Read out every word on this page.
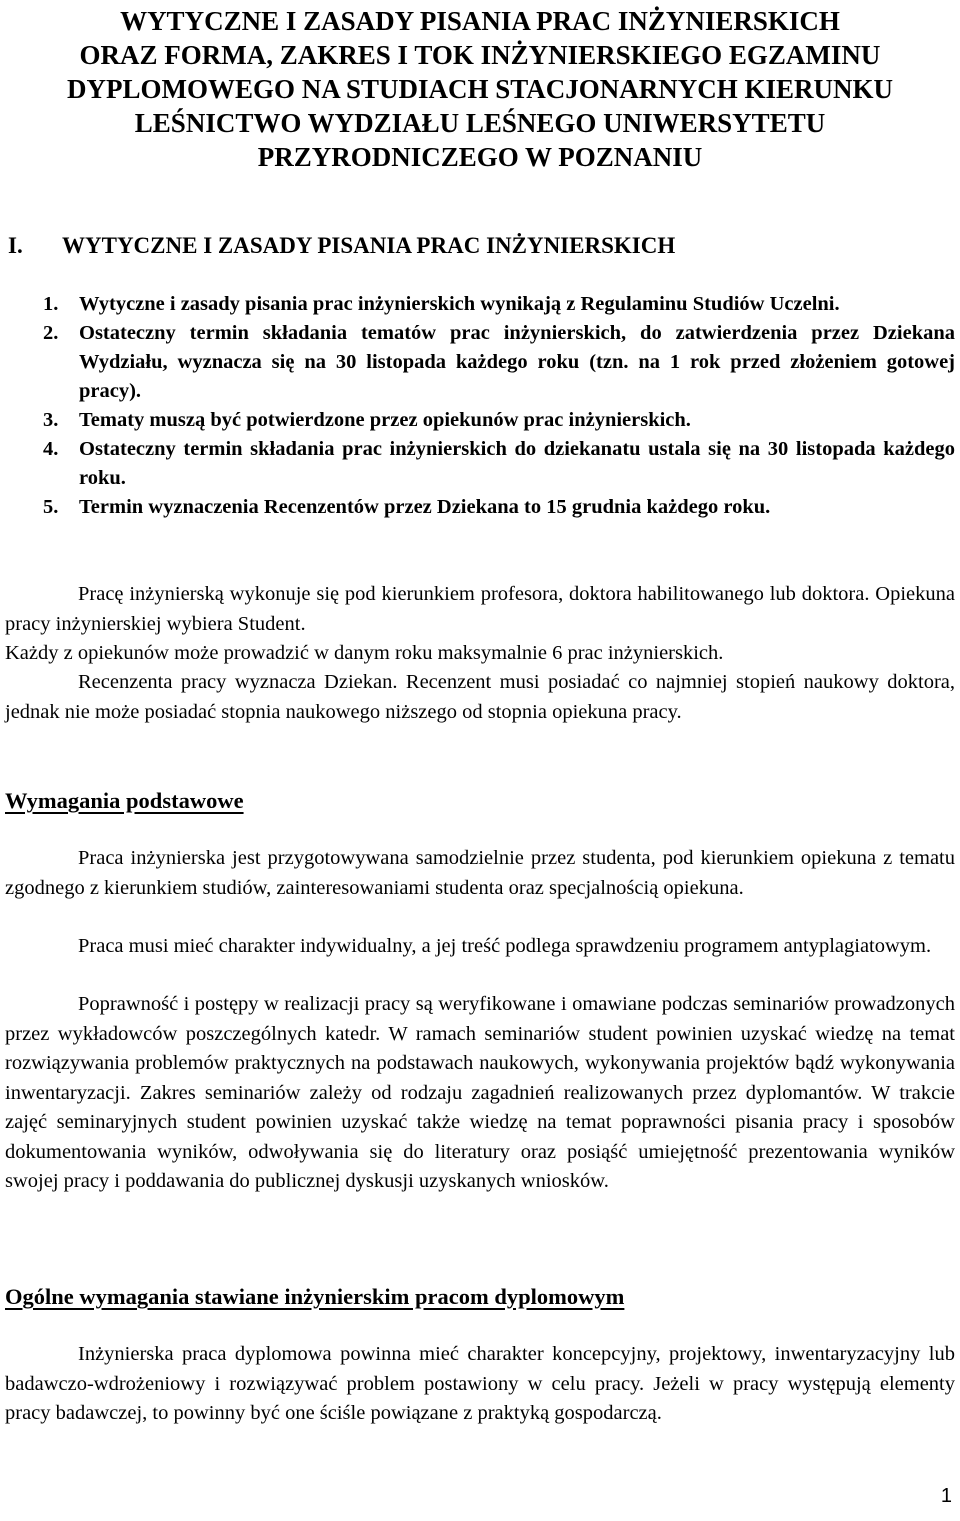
WYTYCZNE I ZASADY PISANIA PRAC INŻYNIERSKICH
ORAZ FORMA, ZAKRES I TOK INŻYNIERSKIEGO EGZAMINU
DYPLOMOWEGO NA STUDIACH STACJONARNYCH KIERUNKU
LEŚNICTWO WYDZIAŁU LEŚNEGO UNIWERSYTETU
PRZYRODNICZEGO W POZNANIU
I. WYTYCZNE I ZASADY PISANIA PRAC INŻYNIERSKICH
1. Wytyczne i zasady pisania prac inżynierskich wynikają z Regulaminu Studiów Uczelni.
2. Ostateczny termin składania tematów prac inżynierskich, do zatwierdzenia przez Dziekana Wydziału, wyznacza się na 30 listopada każdego roku (tzn. na 1 rok przed złożeniem gotowej pracy).
3. Tematy muszą być potwierdzone przez opiekunów prac inżynierskich.
4. Ostateczny termin składania prac inżynierskich do dziekanatu ustala się na 30 listopada każdego roku.
5. Termin wyznaczenia Recenzentów przez Dziekana to 15 grudnia każdego roku.

Pracę inżynierską wykonuje się pod kierunkiem profesora, doktora habilitowanego lub doktora. Opiekuna pracy inżynierskiej wybiera Student.

Każdy z opiekunów może prowadzić w danym roku maksymalnie 6 prac inżynierskich.

Recenzenta pracy wyznacza Dziekan. Recenzent musi posiadać co najmniej stopień naukowy doktora, jednak nie może posiadać stopnia naukowego niższego od stopnia opiekuna pracy.

Wymagania podstawowe

Praca inżynierska jest przygotowywana samodzielnie przez studenta, pod kierunkiem opiekuna z tematu zgodnego z kierunkiem studiów, zainteresowaniami studenta oraz specjalnością opiekuna.

Praca musi mieć charakter indywidualny, a jej treść podlega sprawdzeniu programem antyplagiatowym.

Poprawność i postępy w realizacji pracy są weryfikowane i omawiane podczas seminariów prowadzonych przez wykładowców poszczególnych katedr. W ramach seminariów student powinien uzyskać wiedzę na temat rozwiązywania problemów praktycznych na podstawach naukowych, wykonywania projektów bądź wykonywania inwentaryzacji. Zakres seminariów zależy od rodzaju zagadnień realizowanych przez dyplomantów. W trakcie zajęć seminaryjnych student powinien uzyskać także wiedzę na temat poprawności pisania pracy i sposobów dokumentowania wyników, odwoływania się do literatury oraz posiąść umiejętność prezentowania wyników swojej pracy i poddawania do publicznej dyskusji uzyskanych wniosków.

Ogólne wymagania stawiane inżynierskim pracom dyplomowym

Inżynierska praca dyplomowa powinna mieć charakter koncepcyjny, projektowy, inwentaryzacyjny lub badawczo-wdrożeniowy i rozwiązywać problem postawiony w celu pracy. Jeżeli w pracy występują elementy pracy badawczej, to powinny być one ściśle powiązane z praktyką gospodarczą.

1
